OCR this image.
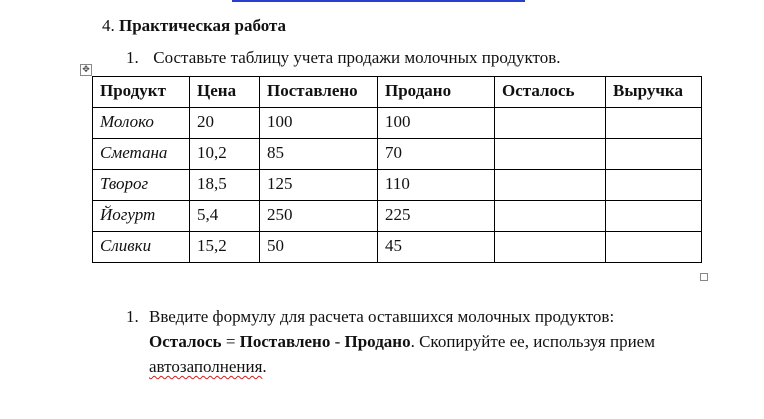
4. Практическая работа
1. Составьте таблицу учета продажи молочных продуктов.
✥
Продукт	Цена	Поставлено	Продано	Осталось	Выручка
Молоко	20	100	100		
Сметана	10,2	85	70		
Творог	18,5	125	110		
Йогурт	5,4	250	225		
Сливки	15,2	50	45		
1. Введите формулу для расчета оставшихся молочных продуктов: Осталось = Поставлено - Продано. Скопируйте ее, используя прием автозаполнения.
